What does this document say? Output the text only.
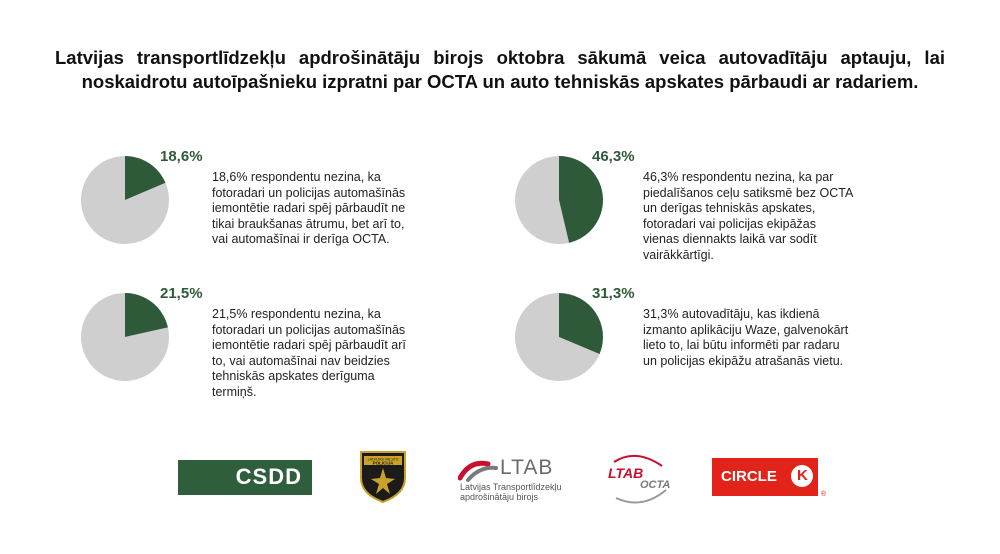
Latvijas transportlīdzekļu apdrošinātāju birojs oktobra sākumā veica autovadītāju aptauju, lai noskaidrotu autoīpašnieku izpratni par OCTA un auto tehniskās apskates pārbaudi ar radariem.
18,6%
18,6% respondentu nezina, ka fotoradari un policijas automašīnās iemontētie radari spēj pārbaudīt ne tikai braukšanas ātrumu, bet arī to, vai automašīnai ir derīga OCTA.
46,3%
46,3% respondentu nezina, ka par piedalīšanos ceļu satiksmē bez OCTA un derīgas tehniskās apskates, fotoradari vai policijas ekipāžas vienas diennakts laikā var sodīt vairākkārtīgi.
21,5%
21,5% respondentu nezina, ka fotoradari un policijas automašīnās iemontētie radari spēj pārbaudīt arī to, vai automašīnai nav beidzies tehniskās apskates derīguma termiņš.
31,3%
31,3% autovadītāju, kas ikdienā izmanto aplikāciju Waze, galvenokārt lieto to, lai būtu informēti par radaru un policijas ekipāžu atrašanās vietu.
CSDD
LATVIJAS VALSTS
POLICIJA	LTAB
Latvijas Transportlīdzekļu apdrošinātāju birojs
LTAB
OCTA	CIRCLE K
®
